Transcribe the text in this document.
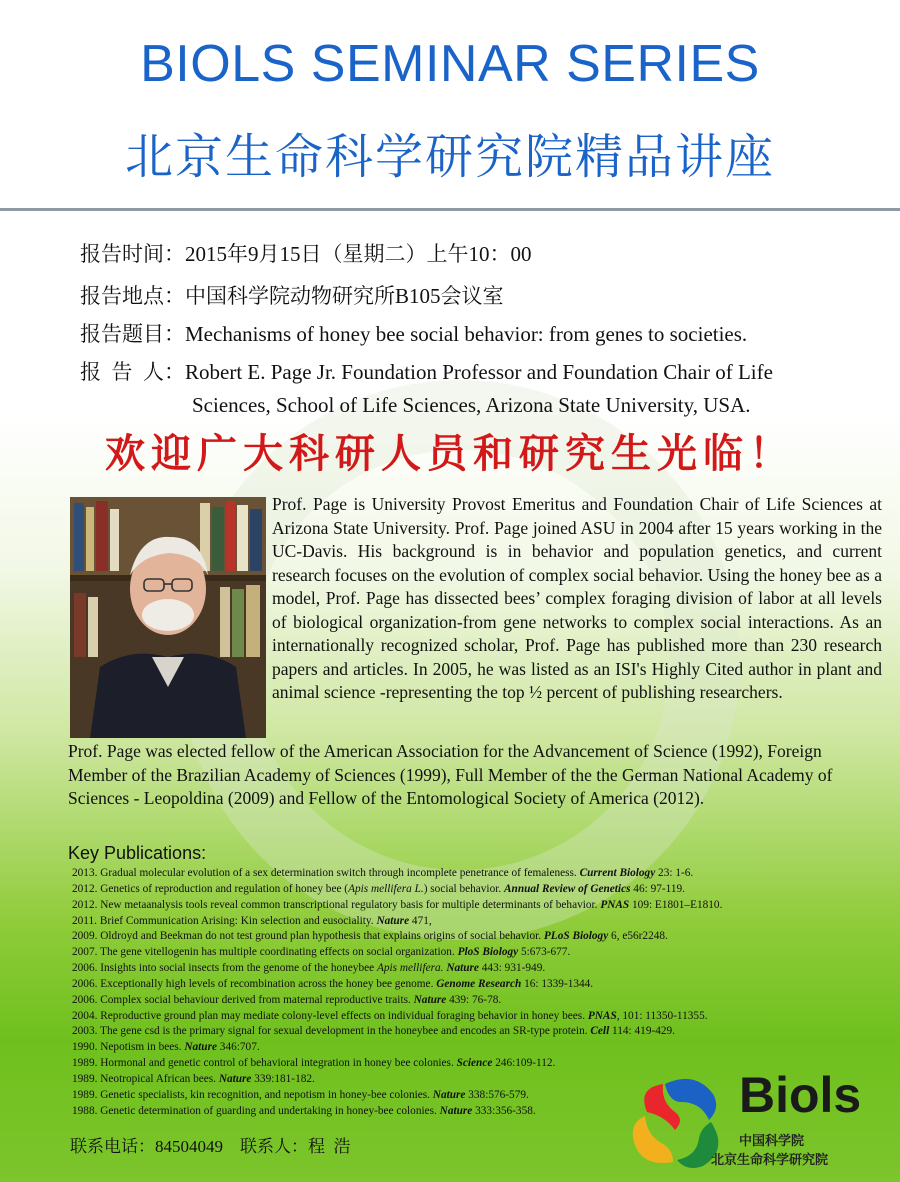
BIOLS SEMINAR SERIES
北京生命科学研究院精品讲座
报告时间：2015年9月15日（星期二）上午10：00
报告地点：中国科学院动物研究所B105会议室
报告题目：Mechanisms of honey bee social behavior: from genes to societies.
报  告  人：Robert E. Page Jr. Foundation Professor and Foundation Chair of Life
Sciences, School of Life Sciences, Arizona State University, USA.
欢迎广大科研人员和研究生光临！
Prof. Page is University Provost Emeritus and Foundation Chair of Life Sciences at Arizona State University. Prof. Page joined ASU in 2004 after 15 years working in the UC-Davis. His background is in behavior and population genetics, and current research focuses on the evolution of complex social behavior. Using the honey bee as a model, Prof. Page has dissected bees’ complex foraging division of labor at all levels of biological organization-from gene networks to complex social interactions. As an internationally recognized scholar, Prof. Page has published more than 230 research papers and articles. In 2005, he was listed as an ISI's Highly Cited author in plant and animal science -representing the top ½ percent of publishing researchers.
Prof. Page was elected fellow of the American Association for the Advancement of Science (1992), Foreign Member of the Brazilian Academy of Sciences (1999), Full Member of the the German National Academy of Sciences - Leopoldina (2009) and Fellow of the Entomological Society of America (2012).
Key Publications:
2013. Gradual molecular evolution of a sex determination switch through incomplete penetrance of femaleness. Current Biology 23: 1-6.
2012. Genetics of reproduction and regulation of honey bee (Apis mellifera L.) social behavior. Annual Review of Genetics 46: 97-119.
2012. New metaanalysis tools reveal common transcriptional regulatory basis for multiple determinants of behavior. PNAS 109: E1801–E1810.
2011. Brief Communication Arising: Kin selection and eusociality. Nature 471,
2009. Oldroyd and Beekman do not test ground plan hypothesis that explains origins of social behavior. PLoS Biology 6, e56r2248.
2007. The gene vitellogenin has multiple coordinating effects on social organization. PloS Biology 5:673-677.
2006. Insights into social insects from the genome of the honeybee Apis mellifera. Nature 443: 931-949.
2006. Exceptionally high levels of recombination across the honey bee genome. Genome Research 16: 1339-1344.
2006. Complex social behaviour derived from maternal reproductive traits. Nature 439: 76-78.
2004. Reproductive ground plan may mediate colony-level effects on individual foraging behavior in honey bees. PNAS, 101: 11350-11355.
2003. The gene csd is the primary signal for sexual development in the honeybee and encodes an SR-type protein. Cell 114: 419-429.
1990. Nepotism in bees. Nature 346:707.
1989. Hormonal and genetic control of behavioral integration in honey bee colonies. Science 246:109-112.
1989. Neotropical African bees. Nature 339:181-182.
1989. Genetic specialists, kin recognition, and nepotism in honey-bee colonies. Nature 338:576-579.
1988. Genetic determination of guarding and undertaking in honey-bee colonies. Nature 333:356-358.
联系电话：84504049    联系人：程  浩
Biols
中国科学院
北京生命科学研究院
